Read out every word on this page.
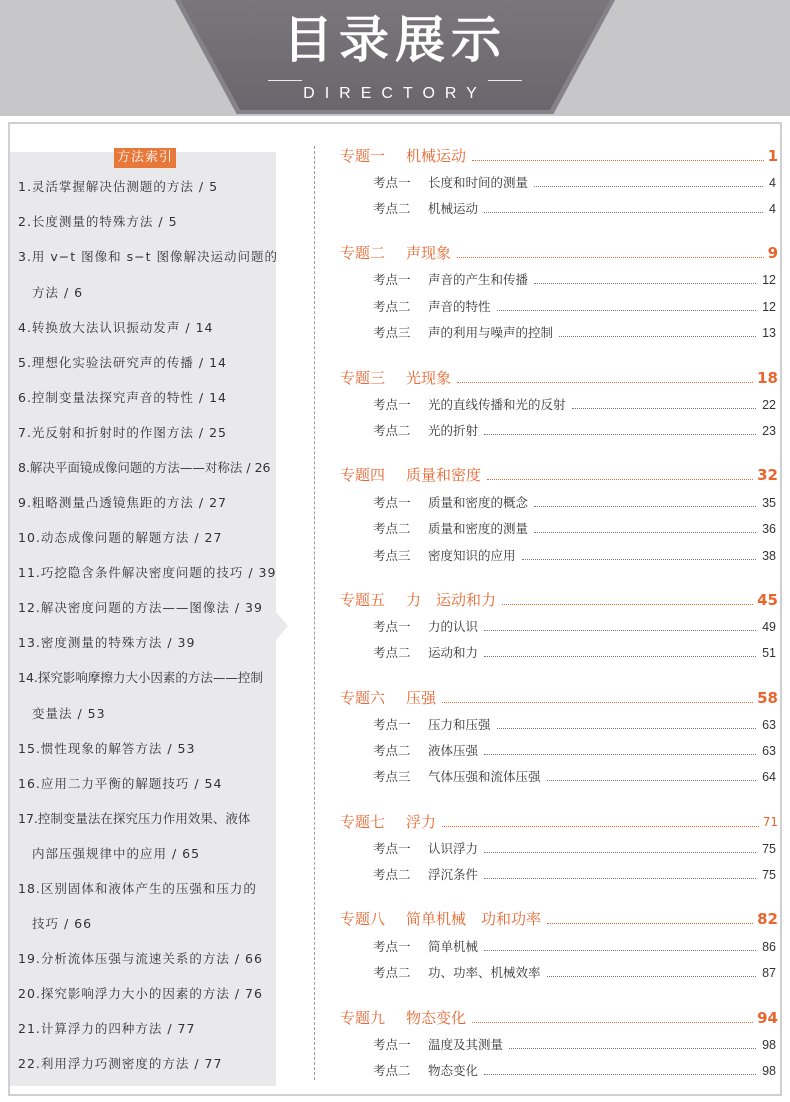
目录展示
DIRECTORY
方法索引
1.灵活掌握解决估测题的方法 / 5
2.长度测量的特殊方法 / 5
3.用 v−t 图像和 s−t 图像解决运动问题的
方法 / 6
4.转换放大法认识振动发声 / 14
5.理想化实验法研究声的传播 / 14
6.控制变量法探究声音的特性 / 14
7.光反射和折射时的作图方法 / 25
8.解决平面镜成像问题的方法——对称法 / 26
9.粗略测量凸透镜焦距的方法 / 27
10.动态成像问题的解题方法 / 27
11.巧挖隐含条件解决密度问题的技巧 / 39
12.解决密度问题的方法——图像法 / 39
13.密度测量的特殊方法 / 39
14.探究影响摩擦力大小因素的方法——控制
变量法 / 53
15.惯性现象的解答方法 / 53
16.应用二力平衡的解题技巧 / 54
17.控制变量法在探究压力作用效果、液体
内部压强规律中的应用 / 65
18.区别固体和液体产生的压强和压力的
技巧 / 66
19.分析流体压强与流速关系的方法 / 66
20.探究影响浮力大小的因素的方法 / 76
21.计算浮力的四种方法 / 77
22.利用浮力巧测密度的方法 / 77
专题一	机械运动	1
考点一	长度和时间的测量	4
考点二	机械运动	4
专题二	声现象	9
考点一	声音的产生和传播	12
考点二	声音的特性	12
考点三	声的利用与噪声的控制	13
专题三	光现象	18
考点一	光的直线传播和光的反射	22
考点二	光的折射	23
专题四	质量和密度	32
考点一	质量和密度的概念	35
考点二	质量和密度的测量	36
考点三	密度知识的应用	38
专题五	力　运动和力	45
考点一	力的认识	49
考点二	运动和力	51
专题六	压强	58
考点一	压力和压强	63
考点二	液体压强	63
考点三	气体压强和流体压强	64
专题七	浮力	71
考点一	认识浮力	75
考点二	浮沉条件	75
专题八	简单机械　功和功率	82
考点一	简单机械	86
考点二	功、功率、机械效率	87
专题九	物态变化	94
考点一	温度及其测量	98
考点二	物态变化	98
